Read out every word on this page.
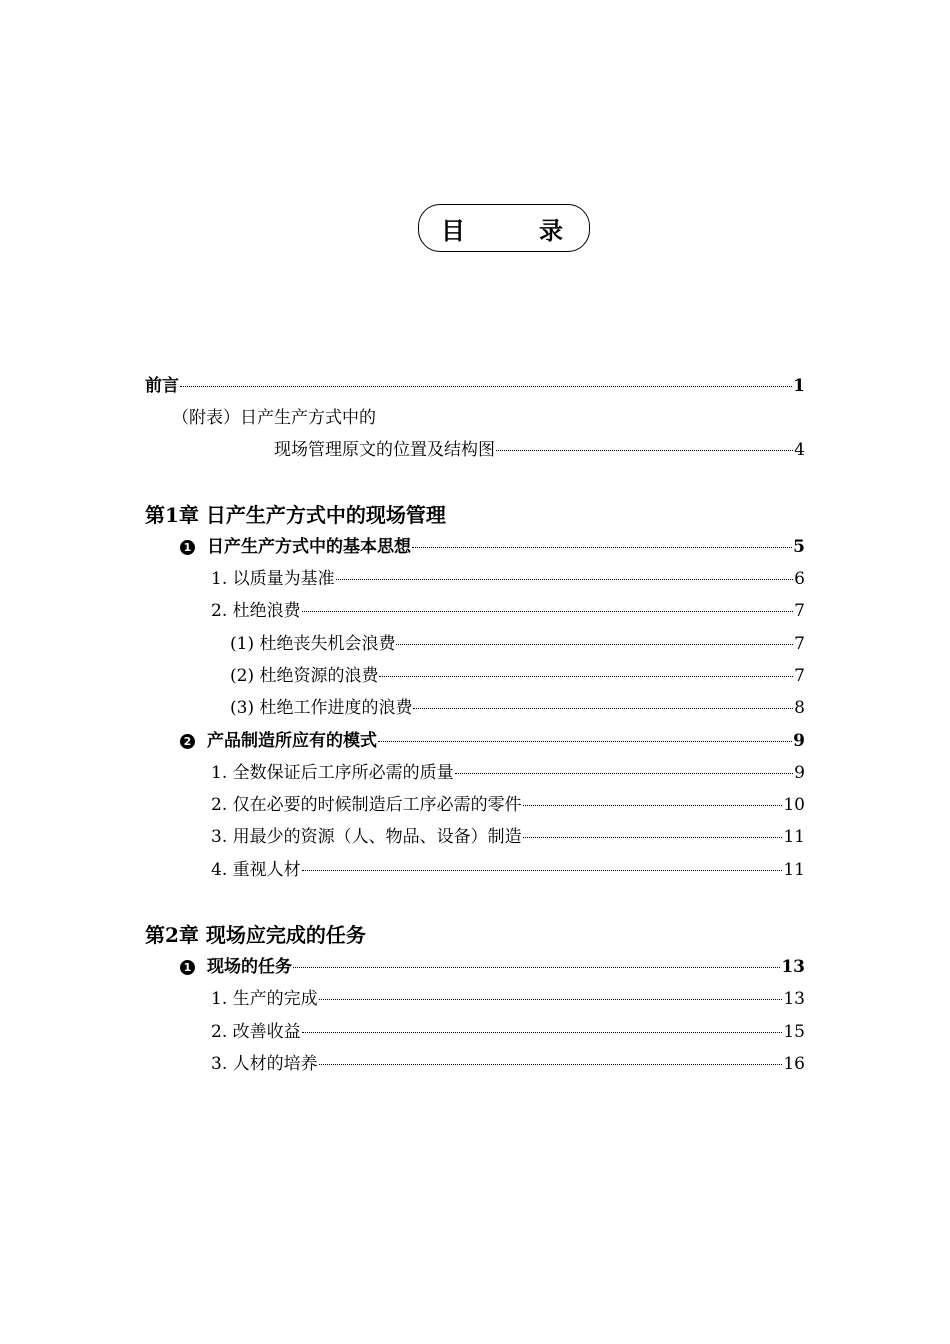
目	录
前言	1
（附表）日产生产方式中的
现场管理原文的位置及结构图	4
第1章 日产生产方式中的现场管理
1 日产生产方式中的基本思想	5
1. 以质量为基准	6
2. 杜绝浪费	7
(1) 杜绝丧失机会浪费	7
(2) 杜绝资源的浪费	7
(3) 杜绝工作进度的浪费	8
2 产品制造所应有的模式	9
1. 全数保证后工序所必需的质量	9
2. 仅在必要的时候制造后工序必需的零件	10
3. 用最少的资源（人、物品、设备）制造	11
4. 重视人材	11
第2章 现场应完成的任务
1 现场的任务	13
1. 生产的完成	13
2. 改善收益	15
3. 人材的培养	16
